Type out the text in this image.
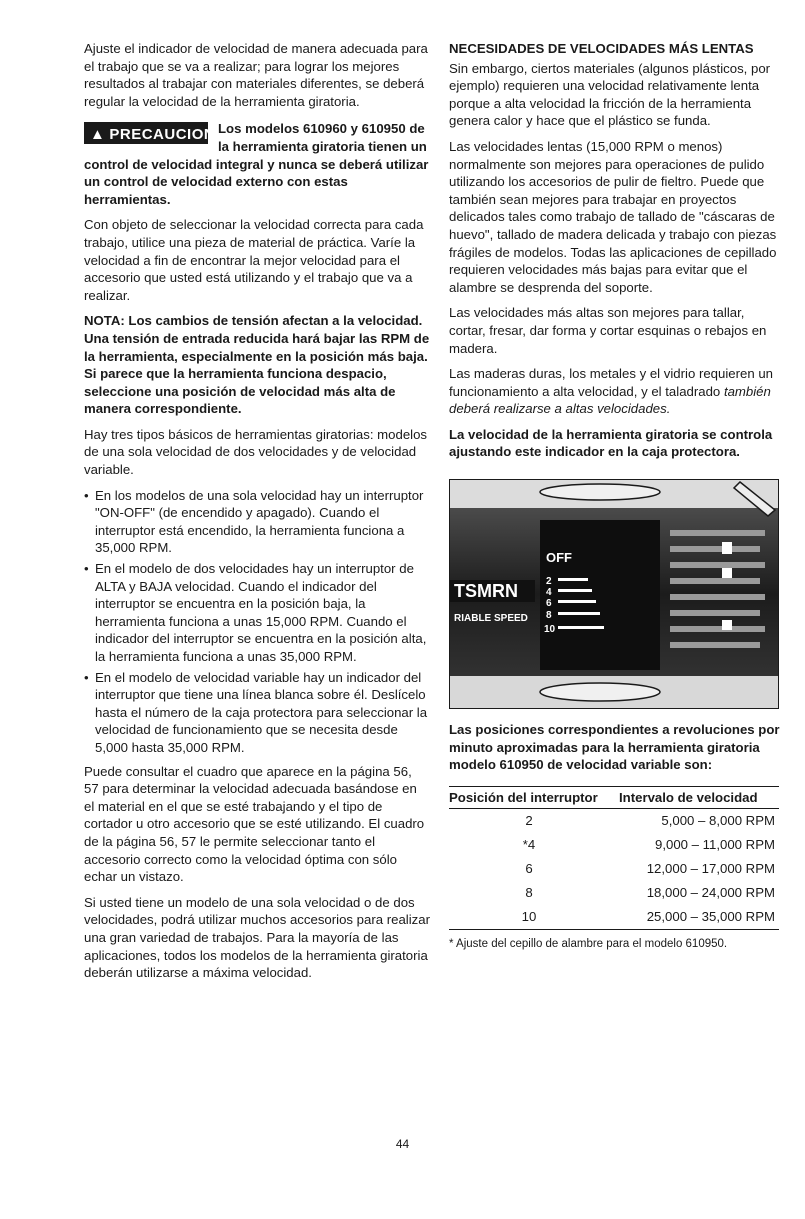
Ajuste el indicador de velocidad de manera adecuada para el trabajo que se va a realizar; para lograr los mejores resultados al trabajar con materiales diferentes, se deberá regular la velocidad de la herramienta giratoria.

▲ PRECAUCION Los modelos 610960 y 610950 de la herramienta giratoria tienen un control de velocidad integral y nunca se deberá utilizar un control de velocidad externo con estas herramientas.

Con objeto de seleccionar la velocidad correcta para cada trabajo, utilice una pieza de material de práctica. Varíe la velocidad a fin de encontrar la mejor velocidad para el accesorio que usted está utilizando y el trabajo que va a realizar.

NOTA: Los cambios de tensión afectan a la velocidad. Una tensión de entrada reducida hará bajar las RPM de la herramienta, especialmente en la posición más baja. Si parece que la herramienta funciona despacio, seleccione una posición de velocidad más alta de manera correspondiente.

Hay tres tipos básicos de herramientas giratorias: modelos de una sola velocidad de dos velocidades y de velocidad variable.

• En los modelos de una sola velocidad hay un interruptor "ON-OFF" (de encendido y apagado). Cuando el interruptor está encendido, la herramienta funciona a 35,000 RPM.
• En el modelo de dos velocidades hay un interruptor de ALTA y BAJA velocidad. Cuando el indicador del interruptor se encuentra en la posición baja, la herramienta funciona a unas 15,000 RPM. Cuando el indicador del interruptor se encuentra en la posición alta, la herramienta funciona a unas 35,000 RPM.
• En el modelo de velocidad variable hay un indicador del interruptor que tiene una línea blanca sobre él. Deslícelo hasta el número de la caja protectora para seleccionar la velocidad de funcionamiento que se necesita desde 5,000 hasta 35,000 RPM.

Puede consultar el cuadro que aparece en la página 56, 57 para determinar la velocidad adecuada basándose en el material en el que se esté trabajando y el tipo de cortador u otro accesorio que se esté utilizando. El cuadro de la página 56, 57 le permite seleccionar tanto el accesorio correcto como la velocidad óptima con sólo echar un vistazo.

Si usted tiene un modelo de una sola velocidad o de dos velocidades, podrá utilizar muchos accesorios para realizar una gran variedad de trabajos. Para la mayoría de las aplicaciones, todos los modelos de la herramienta giratoria deberán utilizarse a máxima velocidad.

NECESIDADES DE VELOCIDADES MÁS LENTAS

Sin embargo, ciertos materiales (algunos plásticos, por ejemplo) requieren una velocidad relativamente lenta porque a alta velocidad la fricción de la herramienta genera calor y hace que el plástico se funda.

Las velocidades lentas (15,000 RPM o menos) normalmente son mejores para operaciones de pulido utilizando los accesorios de pulir de fieltro. Puede que también sean mejores para trabajar en proyectos delicados tales como trabajo de tallado de "cáscaras de huevo", tallado de madera delicada y trabajo con piezas frágiles de modelos. Todas las aplicaciones de cepillado requieren velocidades más bajas para evitar que el alambre se desprenda del soporte.

Las velocidades más altas son mejores para tallar, cortar, fresar, dar forma y cortar esquinas o rebajos en madera.

Las maderas duras, los metales y el vidrio requieren un funcionamiento a alta velocidad, y el taladrado también deberá realizarse a altas velocidades.

La velocidad de la herramienta giratoria se controla ajustando este indicador en la caja protectora.

TSMRN
RIABLE SPEED
OFF
2
4
6
8
10

Las posiciones correspondientes a revoluciones por minuto aproximadas para la herramienta giratoria modelo 610950 de velocidad variable son:

Posición del interruptor	Intervalo de velocidad
2	5,000 – 8,000 RPM
*4	9,000 – 11,000 RPM
6	12,000 – 17,000 RPM
8	18,000 – 24,000 RPM
10	25,000 – 35,000 RPM
* Ajuste del cepillo de alambre para el modelo 610950.
44
